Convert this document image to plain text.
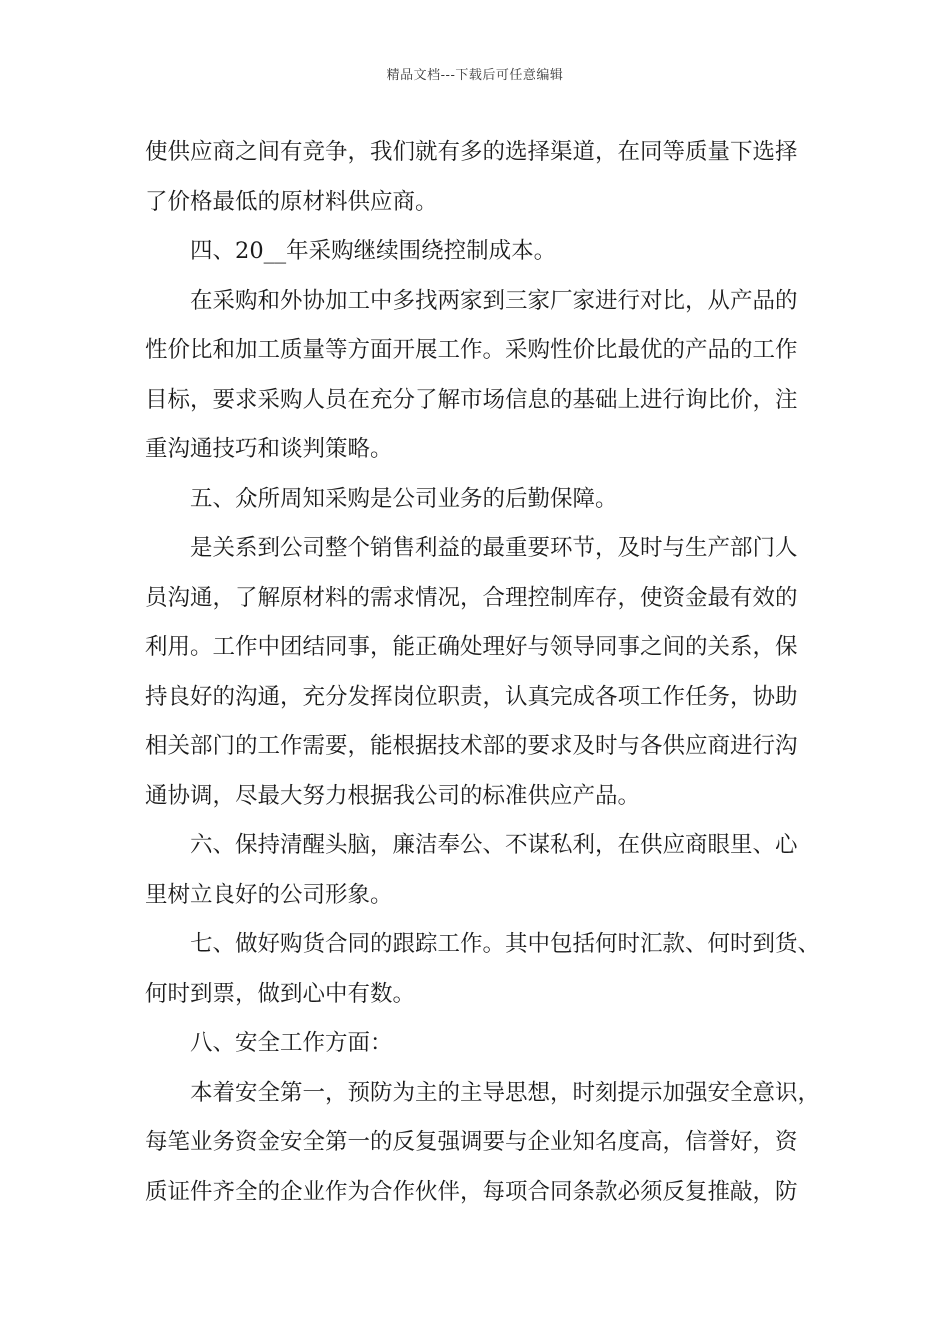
精品文档---下载后可任意编辑
使供应商之间有竞争，我们就有多的选择渠道，在同等质量下选择
了价格最低的原材料供应商。
四、20__年采购继续围绕控制成本。
在采购和外协加工中多找两家到三家厂家进行对比，从产品的
性价比和加工质量等方面开展工作。采购性价比最优的产品的工作
目标，要求采购人员在充分了解市场信息的基础上进行询比价，注
重沟通技巧和谈判策略。
五、众所周知采购是公司业务的后勤保障。
是关系到公司整个销售利益的最重要环节，及时与生产部门人
员沟通，了解原材料的需求情况，合理控制库存，使资金最有效的
利用。工作中团结同事，能正确处理好与领导同事之间的关系，保
持良好的沟通，充分发挥岗位职责，认真完成各项工作任务，协助
相关部门的工作需要，能根据技术部的要求及时与各供应商进行沟
通协调，尽最大努力根据我公司的标准供应产品。
六、保持清醒头脑，廉洁奉公、不谋私利，在供应商眼里、心
里树立良好的公司形象。
七、做好购货合同的跟踪工作。其中包括何时汇款、何时到货、
何时到票，做到心中有数。
八、安全工作方面：
本着安全第一，预防为主的主导思想，时刻提示加强安全意识，
每笔业务资金安全第一的反复强调要与企业知名度高，信誉好，资
质证件齐全的企业作为合作伙伴，每项合同条款必须反复推敲，防
